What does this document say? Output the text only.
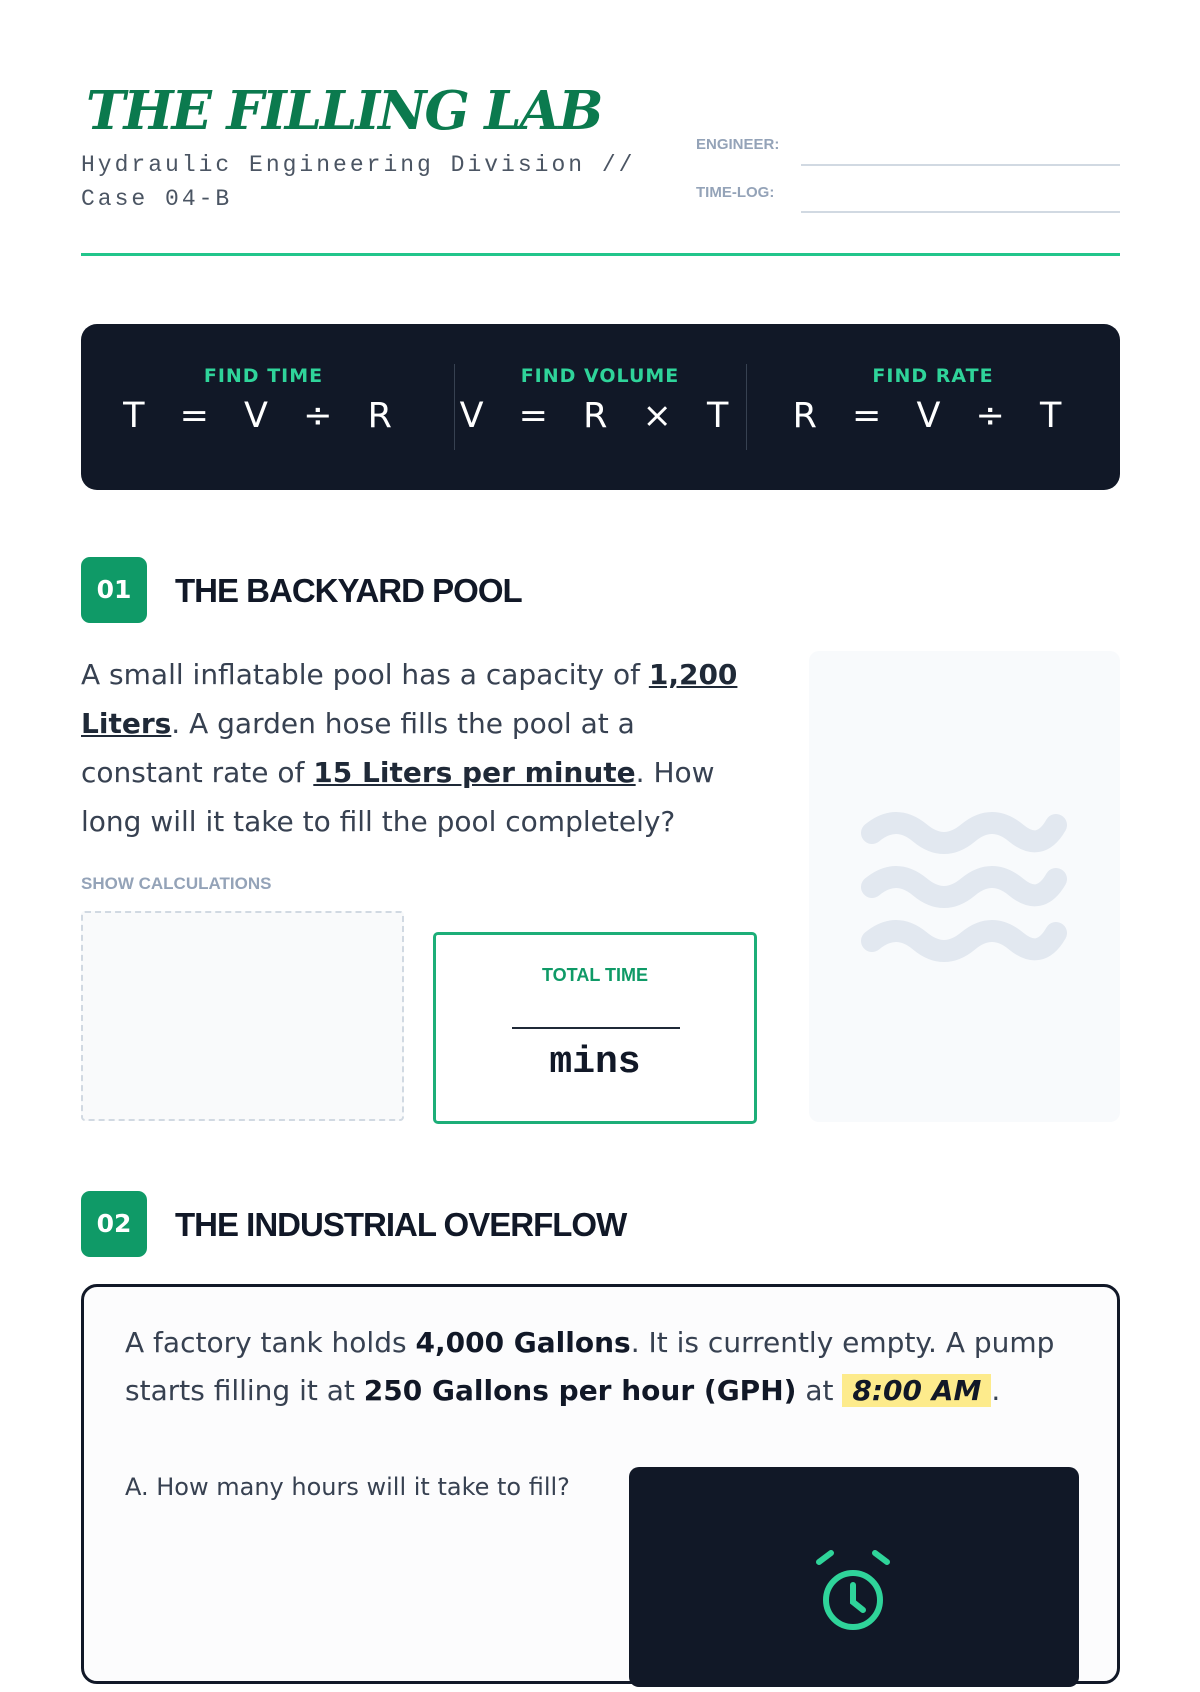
THE FILLING LAB
Hydraulic Engineering Division // Case 04-B
ENGINEER:
TIME-LOG:
FIND TIME
T = V ÷ R
FIND VOLUME
V = R × T
FIND RATE
R = V ÷ T
01	THE BACKYARD POOL
A small inflatable pool has a capacity of 1,200 Liters. A garden hose fills the pool at a constant rate of 15 Liters per minute. How long will it take to fill the pool completely?
SHOW CALCULATIONS
TOTAL TIME
mins
02	THE INDUSTRIAL OVERFLOW
A factory tank holds 4,000 Gallons. It is currently empty. A pump starts filling it at 250 Gallons per hour (GPH) at 8:00 AM .
A. How many hours will it take to fill?
